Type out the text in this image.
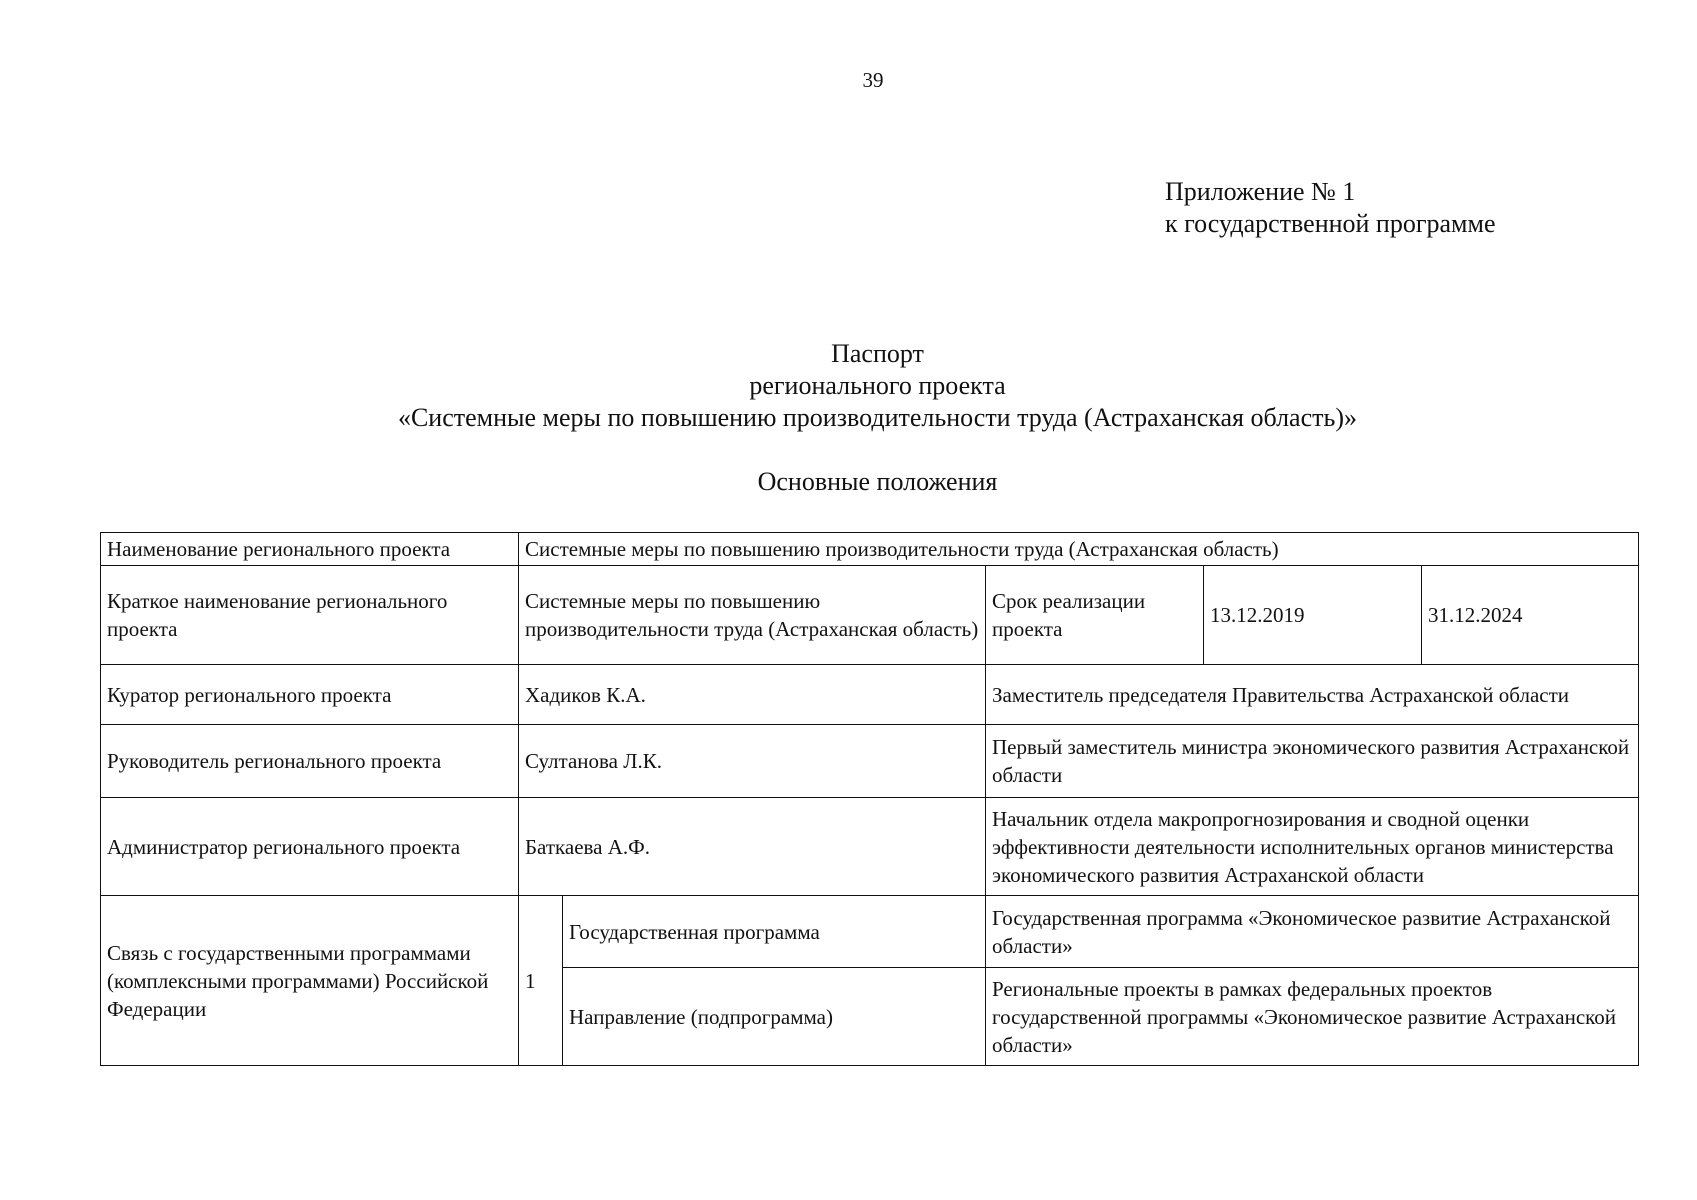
39
Приложение № 1
к государственной программе
Паспорт
регионального проекта
«Системные меры по повышению производительности труда (Астраханская область)»
Основные положения
Наименование регионального проекта	Системные меры по повышению производительности труда (Астраханская область)				
Краткое наименование регионального проекта	Системные меры по повышению производительности труда (Астраханская область)		Срок реализации проекта	13.12.2019	31.12.2024
Куратор регионального проекта	Хадиков К.А.		Заместитель председателя Правительства Астраханской области		
Руководитель регионального проекта	Султанова Л.К.		Первый заместитель министра экономического развития Астраханской области		
Администратор регионального проекта	Баткаева А.Ф.		Начальник отдела макропрогнозирования и сводной оценки эффективности деятельности исполнительных органов министерства экономического развития Астраханской области		
Связь с государственными программами (комплексными программами) Российской Федерации	1	Государственная программа	Государственная программа «Экономическое развитие Астраханской области»		
		Направление (подпрограмма)	Региональные проекты в рамках федеральных проектов государственной программы «Экономическое развитие Астраханской области»		
